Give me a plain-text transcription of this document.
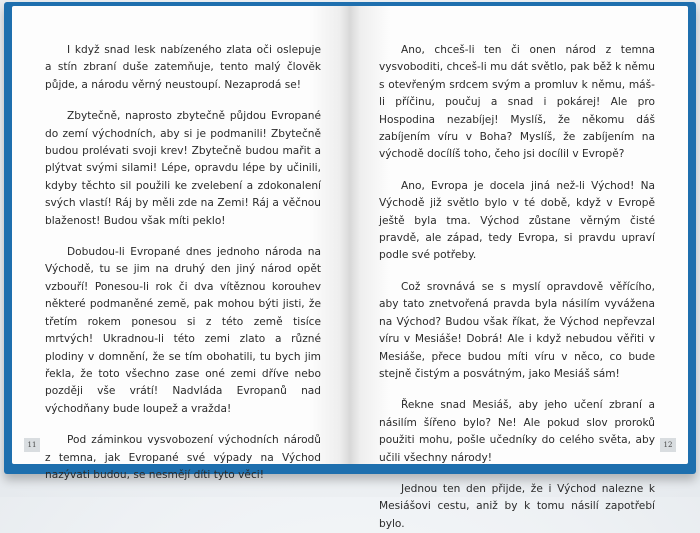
I když snad lesk nabízeného zlata oči oslepuje a stín zbraní duše zatemňuje, tento malý človĕk půjde, a národu věrný neustoupí. Nezaprodá se!

Zbytečně, naprosto zbytečně půjdou Evropané do zemí východních, aby si je podmanili! Zbytečně budou prolévati svoji krev! Zbytečně budou mařit a plýtvat svými silami! Lépe, opravdu lépe by učinili, kdyby těchto sil použili ke zvelebení a zdokonalení svých vlastí! Ráj by měli zde na Zemi! Ráj a věčnou blaženost! Budou však míti peklo!

Dobudou-li Evropané dnes jednoho národa na Východě, tu se jim na druhý den jiný národ opět vzbouří! Ponesou-li rok či dva vítěznou korouhev některé podmaněné zemĕ, pak mohou býti jisti, že třetím rokem ponesou si z této země tisíce mrtvých! Ukradnou-li této zemi zlato a různé plodiny v domnění, že se tím obohatili, tu bych jim řekla, že toto všechno zase oné zemi dříve nebo později vše vrátí! Nadvláda Evropanů nad východňany bude loupež a vražda!

Pod záminkou vysvobození východních národů z temna, jak Evropané své výpady na Východ nazývati budou, se nesmějí díti tyto věci!

11

Ano, chceš-li ten či onen národ z temna vysvoboditi, chceš-li mu dát světlo, pak běž k němu s otevřeným srdcem svým a promluv k němu, máš-li příčinu, poučuj a snad i pokárej! Ale pro Hospodina nezabíjej! Myslíš, že někomu dáš zabíjením víru v Boha? Myslíš, že zabíjením na východě docílíš toho, čeho jsi docílil v Evropě?

Ano, Evropa je docela jiná než-li Východ! Na Východě již světlo bylo v té době, když v Evropě ještě byla tma. Východ zůstane věrným čisté pravdě, ale západ, tedy Evropa, si pravdu upraví podle své potřeby.

Což srovnává se s myslí opravdově věřícího, aby tato znetvořená pravda byla násilím vyvážena na Východ? Budou však říkat, že Východ nepřevzal víru v Mesiáše! Dobrá! Ale i když nebudou věřiti v Mesiáše, přece budou míti víru v něco, co bude stejně čistým a posvátným, jako Mesiáš sám!

Řekne snad Mesiáš, aby jeho učení zbraní a násilím šířeno bylo? Ne! Ale pokud slov proroků použiti mohu, pošle učedníky do celého světa, aby učili všechny národy!

Jednou ten den přijde, že i Východ nalezne k Mesiášovi cestu, aniž by k tomu násilí zapotřebí bylo.

12
